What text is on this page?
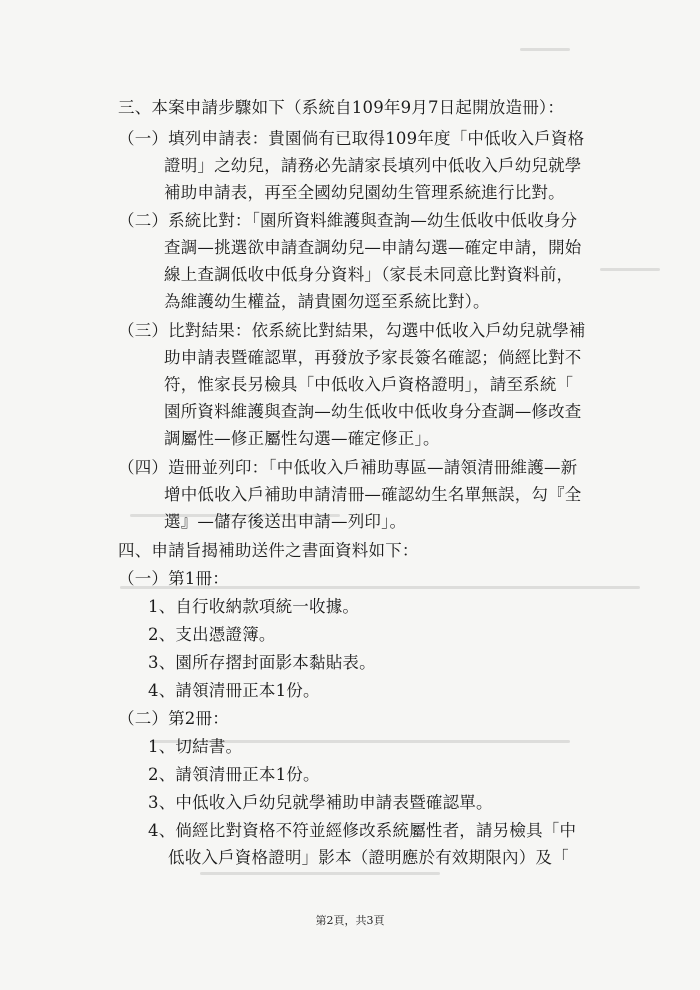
三、本案申請步驟如下（系統自109年9月7日起開放造冊）：
（一）填列申請表：貴園倘有已取得109年度「中低收入戶資格
證明」之幼兒，請務必先請家長填列中低收入戶幼兒就學
補助申請表，再至全國幼兒園幼生管理系統進行比對。
（二）系統比對：「園所資料維護與查詢—幼生低收中低收身分
查調—挑選欲申請查調幼兒—申請勾選—確定申請，開始
線上查調低收中低身分資料」（家長未同意比對資料前，
為維護幼生權益，請貴園勿逕至系統比對）。
（三）比對結果：依系統比對結果，勾選中低收入戶幼兒就學補
助申請表暨確認單，再發放予家長簽名確認；倘經比對不
符，惟家長另檢具「中低收入戶資格證明」，請至系統「
園所資料維護與查詢—幼生低收中低收身分查調—修改查
調屬性—修正屬性勾選—確定修正」。
（四）造冊並列印：「中低收入戶補助專區—請領清冊維護—新
增中低收入戶補助申請清冊—確認幼生名單無誤，勾『全
選』—儲存後送出申請—列印」。
四、申請旨揭補助送件之書面資料如下：
（一）第1冊：
1、自行收納款項統一收據。
2、支出憑證簿。
3、園所存摺封面影本黏貼表。
4、請領清冊正本1份。
（二）第2冊：
1、切結書。
2、請領清冊正本1份。
3、中低收入戶幼兒就學補助申請表暨確認單。
4、倘經比對資格不符並經修改系統屬性者，請另檢具「中
低收入戶資格證明」影本（證明應於有效期限內）及「
第2頁，共3頁
